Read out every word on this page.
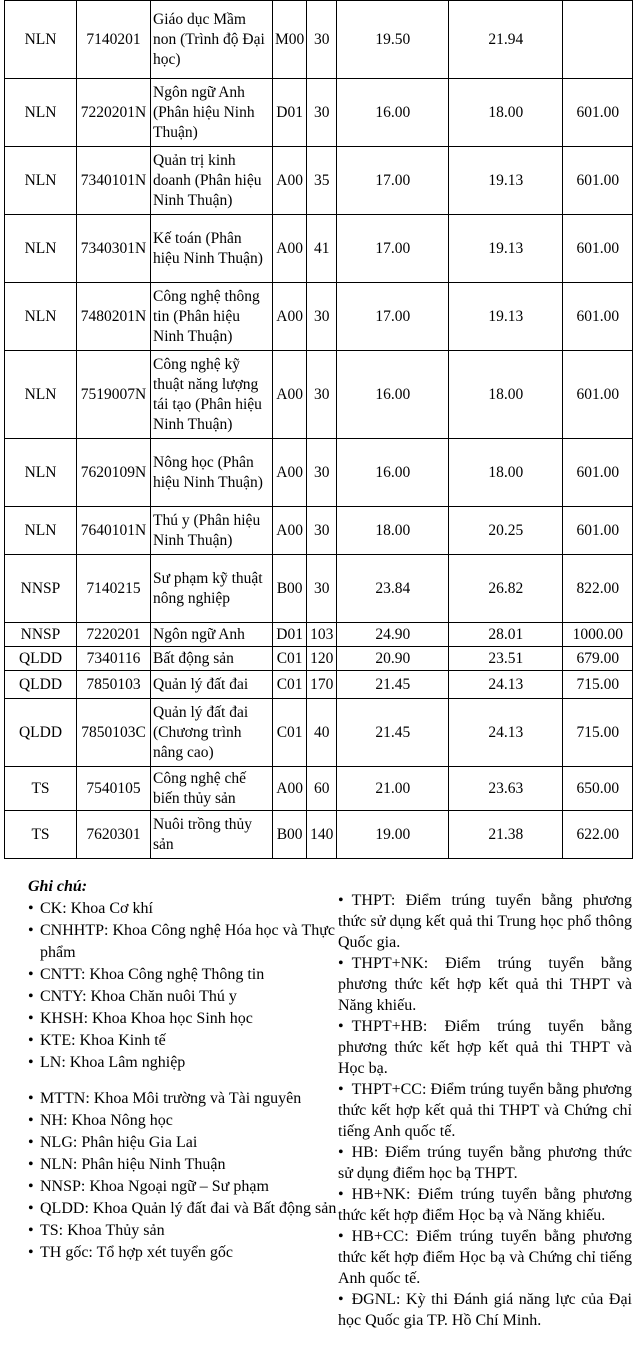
NLN	7140201	Giáo dục Mầm non (Trình độ Đại học)	M00	30	19.50	21.94	
NLN	7220201N	Ngôn ngữ Anh (Phân hiệu Ninh Thuận)	D01	30	16.00	18.00	601.00
NLN	7340101N	Quản trị kinh doanh (Phân hiệu Ninh Thuận)	A00	35	17.00	19.13	601.00
NLN	7340301N	Kế toán (Phân hiệu Ninh Thuận)	A00	41	17.00	19.13	601.00
NLN	7480201N	Công nghệ thông tin (Phân hiệu Ninh Thuận)	A00	30	17.00	19.13	601.00
NLN	7519007N	Công nghệ kỹ thuật năng lượng tái tạo (Phân hiệu Ninh Thuận)	A00	30	16.00	18.00	601.00
NLN	7620109N	Nông học (Phân hiệu Ninh Thuận)	A00	30	16.00	18.00	601.00
NLN	7640101N	Thú y (Phân hiệu Ninh Thuận)	A00	30	18.00	20.25	601.00
NNSP	7140215	Sư phạm kỹ thuật nông nghiệp	B00	30	23.84	26.82	822.00
NNSP	7220201	Ngôn ngữ Anh	D01	103	24.90	28.01	1000.00
QLDD	7340116	Bất động sản	C01	120	20.90	23.51	679.00
QLDD	7850103	Quản lý đất đai	C01	170	21.45	24.13	715.00
QLDD	7850103C	Quản lý đất đai (Chương trình nâng cao)	C01	40	21.45	24.13	715.00
TS	7540105	Công nghệ chế biến thủy sản	A00	60	21.00	23.63	650.00
TS	7620301	Nuôi trồng thủy sản	B00	140	19.00	21.38	622.00
Ghi chú:
• CK: Khoa Cơ khí
• CNHHTP: Khoa Công nghệ Hóa học và Thực phẩm
• CNTT: Khoa Công nghệ Thông tin
• CNTY: Khoa Chăn nuôi Thú y
• KHSH: Khoa Khoa học Sinh học
• KTE: Khoa Kinh tế
• LN: Khoa Lâm nghiệp
• MTTN: Khoa Môi trường và Tài nguyên
• NH: Khoa Nông học
• NLG: Phân hiệu Gia Lai
• NLN: Phân hiệu Ninh Thuận
• NNSP: Khoa Ngoại ngữ – Sư phạm
• QLDD: Khoa Quản lý đất đai và Bất động sản
• TS: Khoa Thủy sản
• TH gốc: Tổ hợp xét tuyển gốc
• THPT: Điểm trúng tuyển bằng phương thức sử dụng kết quả thi Trung học phổ thông Quốc gia.
• THPT+NK: Điểm trúng tuyển bằng phương thức kết hợp kết quả thi THPT và Năng khiếu.
• THPT+HB: Điểm trúng tuyển bằng phương thức kết hợp kết quả thi THPT và Học bạ.
• THPT+CC: Điểm trúng tuyển bằng phương thức kết hợp kết quả thi THPT và Chứng chỉ tiếng Anh quốc tế.
• HB: Điểm trúng tuyển bằng phương thức sử dụng điểm học bạ THPT.
• HB+NK: Điểm trúng tuyển bằng phương thức kết hợp điểm Học bạ và Năng khiếu.
• HB+CC: Điểm trúng tuyển bằng phương thức kết hợp điểm Học bạ và Chứng chỉ tiếng Anh quốc tế.
• ĐGNL: Kỳ thi Đánh giá năng lực của Đại học Quốc gia TP. Hồ Chí Minh.
